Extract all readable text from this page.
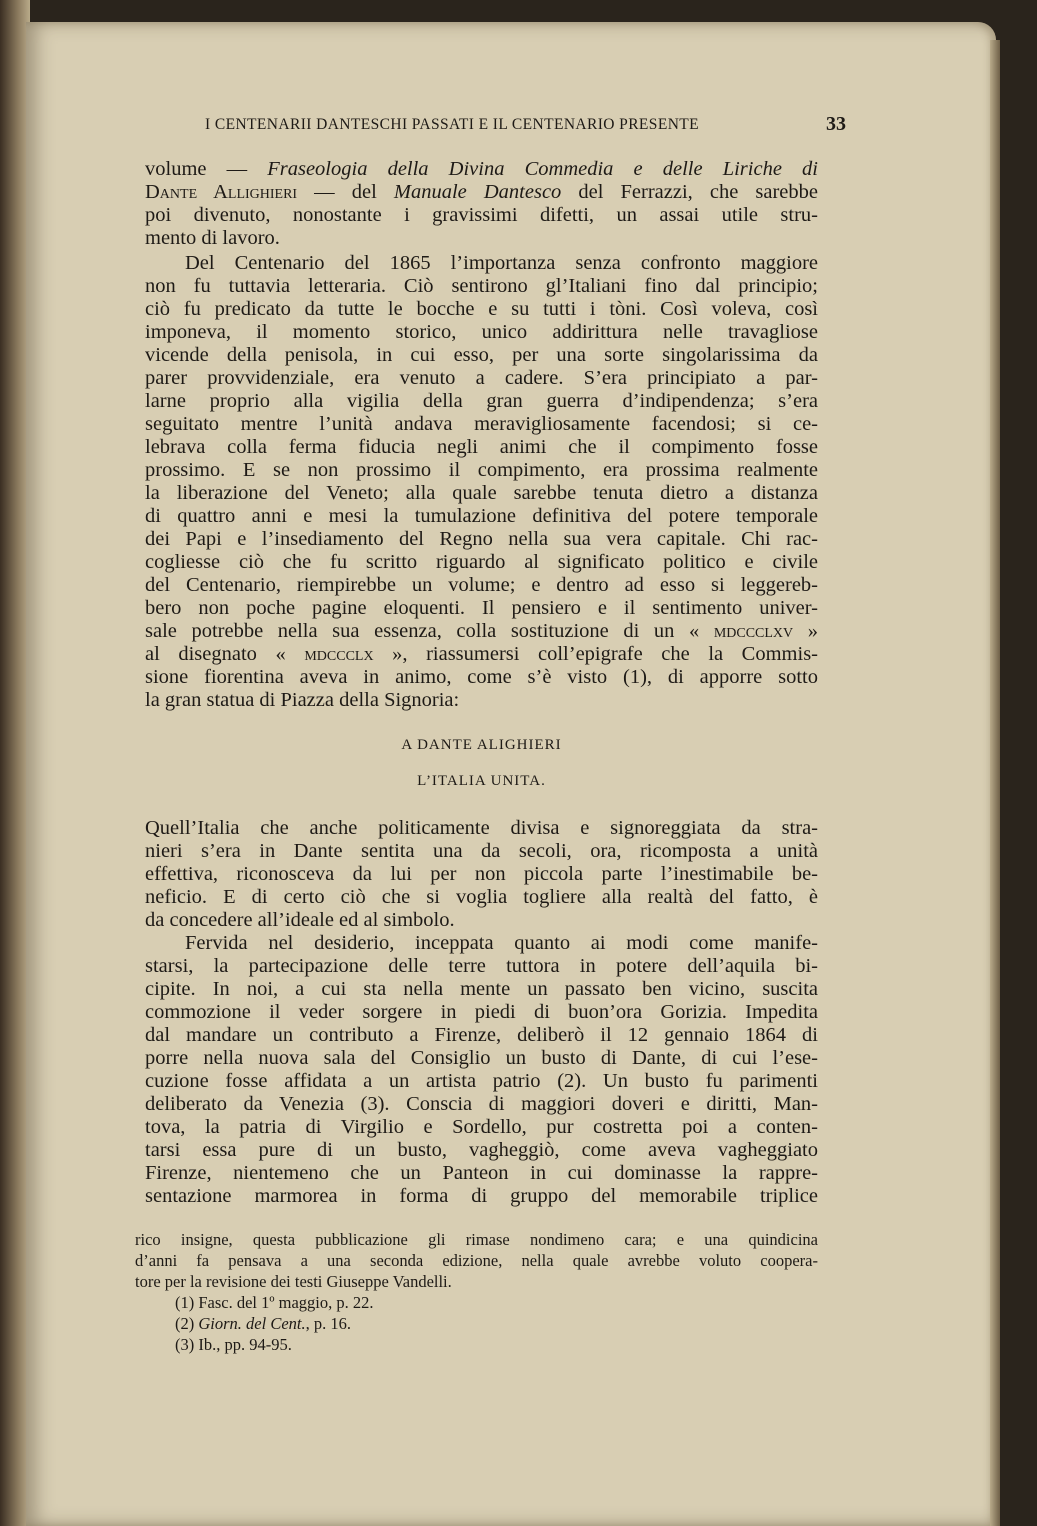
I CENTENARII DANTESCHI PASSATI E IL CENTENARIO PRESENTE	33
volume — Fraseologia della Divina Commedia e delle Liriche di
Dante Allighieri — del Manuale Dantesco del Ferrazzi, che sarebbe
poi divenuto, nonostante i gravissimi difetti, un assai utile stru-
mento di lavoro.
Del Centenario del 1865 l’importanza senza confronto maggiore
non fu tuttavia letteraria. Ciò sentirono gl’Italiani fino dal principio;
ciò fu predicato da tutte le bocche e su tutti i tòni. Così voleva, così
imponeva, il momento storico, unico addirittura nelle travagliose
vicende della penisola, in cui esso, per una sorte singolarissima da
parer provvidenziale, era venuto a cadere. S’era principiato a par-
larne proprio alla vigilia della gran guerra d’indipendenza; s’era
seguitato mentre l’unità andava meravigliosamente facendosi; si ce-
lebrava colla ferma fiducia negli animi che il compimento fosse
prossimo. E se non prossimo il compimento, era prossima realmente
la liberazione del Veneto; alla quale sarebbe tenuta dietro a distanza
di quattro anni e mesi la tumulazione definitiva del potere temporale
dei Papi e l’insediamento del Regno nella sua vera capitale. Chi rac-
cogliesse ciò che fu scritto riguardo al significato politico e civile
del Centenario, riempirebbe un volume; e dentro ad esso si leggereb-
bero non poche pagine eloquenti. Il pensiero e il sentimento univer-
sale potrebbe nella sua essenza, colla sostituzione di un « mdccclxv »
al disegnato « mdccclx », riassumersi coll’epigrafe che la Commis-
sione fiorentina aveva in animo, come s’è visto (1), di apporre sotto
la gran statua di Piazza della Signoria:
A DANTE ALIGHIERI
L’ITALIA UNITA.
Quell’Italia che anche politicamente divisa e signoreggiata da stra-
nieri s’era in Dante sentita una da secoli, ora, ricomposta a unità
effettiva, riconosceva da lui per non piccola parte l’inestimabile be-
neficio. E di certo ciò che si voglia togliere alla realtà del fatto, è
da concedere all’ideale ed al simbolo.
Fervida nel desiderio, inceppata quanto ai modi come manife-
starsi, la partecipazione delle terre tuttora in potere dell’aquila bi-
cipite. In noi, a cui sta nella mente un passato ben vicino, suscita
commozione il veder sorgere in piedi di buon’ora Gorizia. Impedita
dal mandare un contributo a Firenze, deliberò il 12 gennaio 1864 di
porre nella nuova sala del Consiglio un busto di Dante, di cui l’ese-
cuzione fosse affidata a un artista patrio (2). Un busto fu parimenti
deliberato da Venezia (3). Conscia di maggiori doveri e diritti, Man-
tova, la patria di Virgilio e Sordello, pur costretta poi a conten-
tarsi essa pure di un busto, vagheggiò, come aveva vagheggiato
Firenze, nientemeno che un Panteon in cui dominasse la rappre-
sentazione marmorea in forma di gruppo del memorabile triplice
rico insigne, questa pubblicazione gli rimase nondimeno cara; e una quindicina
d’anni fa pensava a una seconda edizione, nella quale avrebbe voluto coopera-
tore per la revisione dei testi Giuseppe Vandelli.
(1) Fasc. del 1º maggio, p. 22.
(2) Giorn. del Cent., p. 16.
(3) Ib., pp. 94-95.
